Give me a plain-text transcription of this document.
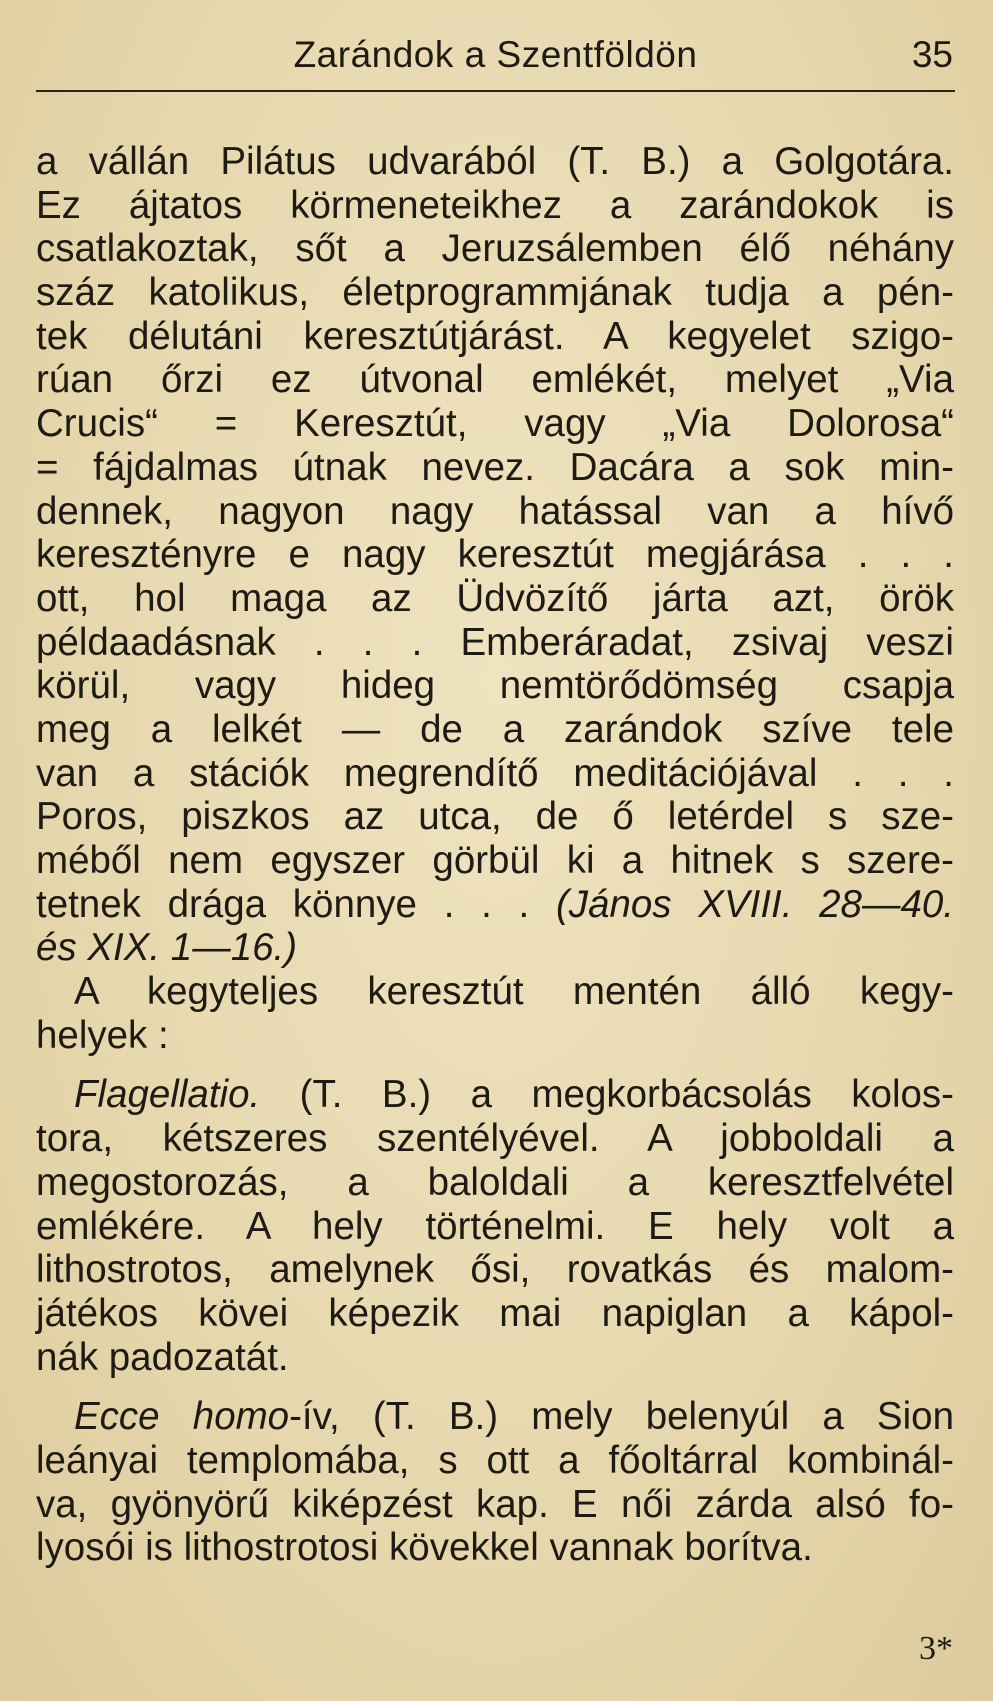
Zarándok a Szentföldön	35
a vállán Pilátus udvarából (T. B.) a Golgotára.
Ez ájtatos körmeneteikhez a zarándokok is
csatlakoztak, sőt a Jeruzsálemben élő néhány
száz katolikus, életprogrammjának tudja a pén-
tek délutáni keresztútjárást. A kegyelet szigo-
rúan őrzi ez útvonal emlékét, melyet „Via
Crucis“ = Keresztút, vagy „Via Dolorosa“
= fájdalmas útnak nevez. Dacára a sok min-
dennek, nagyon nagy hatással van a hívő
keresztényre e nagy keresztút megjárása . . .
ott, hol maga az Üdvözítő járta azt, örök
példaadásnak . . . Emberáradat, zsivaj veszi
körül, vagy hideg nemtörődömség csapja
meg a lelkét — de a zarándok szíve tele
van a stációk megrendítő meditációjával . . .
Poros, piszkos az utca, de ő letérdel s sze-
méből nem egyszer görbül ki a hitnek s szere-
tetnek drága könnye . . . (János XVIII. 28—40.
és XIX. 1—16.)
A kegyteljes keresztút mentén álló kegy-
helyek :
Flagellatio. (T. B.) a megkorbácsolás kolos-
tora, kétszeres szentélyével. A jobboldali a
megostorozás, a baloldali a keresztfelvétel
emlékére. A hely történelmi. E hely volt a
lithostrotos, amelynek ősi, rovatkás és malom-
játékos kövei képezik mai napiglan a kápol-
nák padozatát.
Ecce homo-ív, (T. B.) mely belenyúl a Sion
leányai templomába, s ott a főoltárral kombinál-
va, gyönyörű kiképzést kap. E női zárda alsó fo-
lyosói is lithostrotosi kövekkel vannak borítva.
3*
